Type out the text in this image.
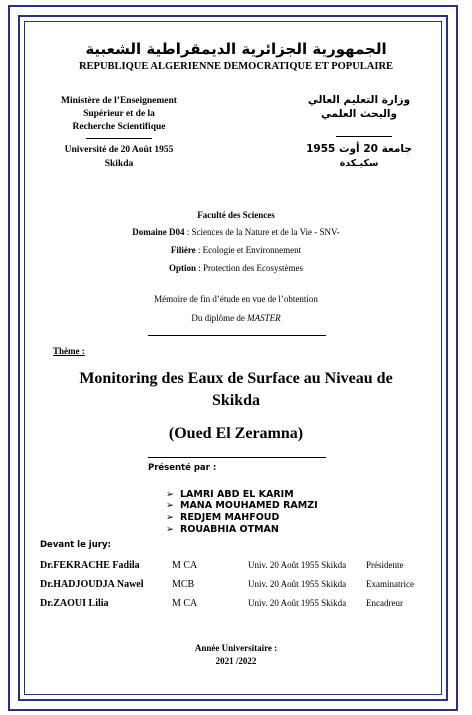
الجمهورية الجزائرية الديمقراطية الشعبية
REPUBLIQUE ALGERIENNE DEMOCRATIQUE ET POPULAIRE
Ministère de l’Enseignement
Supérieur et de la
Recherche Scientifique
Université de 20 Août 1955
Skikda
وزارة التعليم العالي
والبحث العلمي
جامعة 20 أوت 1955
سكيـكدة
Faculté des Sciences
Domaine D04 : Sciences de la Nature et de la Vie - SNV-
Filière : Ecologie et Environnement
Option : Protection des Ecosystèmes
Mémoire de fin d’étude en vue de l’obtention
Du diplôme de MASTER
Thème :
Monitoring des Eaux de Surface au Niveau de
Skikda
(Oued El Zeramna)
Présenté par :
➢ LAMRI ABD EL KARIM
➢ MANA MOUHAMED RAMZI
➢ REDJEM MAHFOUD
➢ ROUABHIA OTMAN
Devant le jury:
Dr.FEKRACHE Fadila	M CA	Univ. 20 Août 1955 Skikda Présidente
Dr.HADJOUDJA Nawel	MCB	Univ. 20 Août 1955 Skikda Examinatrice
Dr.ZAOUI Lilia	M CA	Univ. 20 Août 1955 Skikda Encadreur
Année Universitaire :
2021 /2022
